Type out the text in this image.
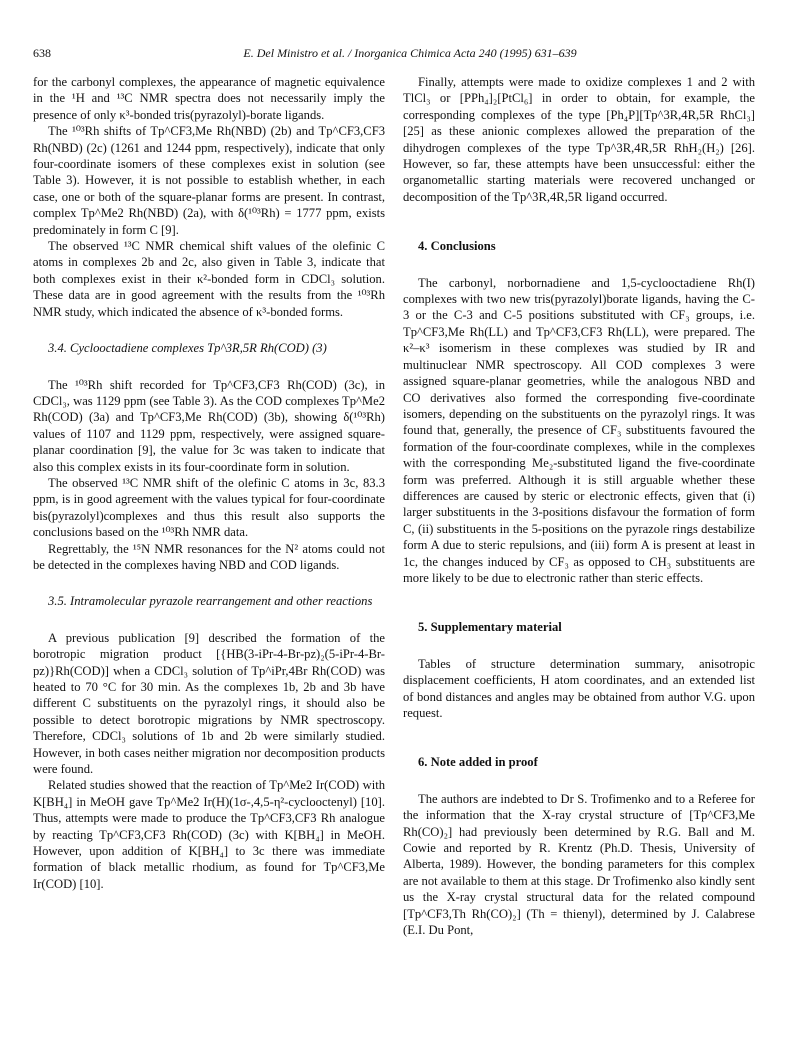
638	E. Del Ministro et al. / Inorganica Chimica Acta 240 (1995) 631–639

for the carbonyl complexes, the appearance of magnetic equivalence in the ¹H and ¹³C NMR spectra does not necessarily imply the presence of only κ³-bonded tris(pyrazolyl)-borate ligands.

The ¹⁰³Rh shifts of Tp^CF3,Me Rh(NBD) (2b) and Tp^CF3,CF3 Rh(NBD) (2c) (1261 and 1244 ppm, respectively), indicate that only four-coordinate isomers of these complexes exist in solution (see Table 3). However, it is not possible to establish whether, in each case, one or both of the square-planar forms are present. In contrast, complex Tp^Me2 Rh(NBD) (2a), with δ(¹⁰³Rh) = 1777 ppm, exists predominately in form C [9].

The observed ¹³C NMR chemical shift values of the olefinic C atoms in complexes 2b and 2c, also given in Table 3, indicate that both complexes exist in their κ²-bonded form in CDCl₃ solution. These data are in good agreement with the results from the ¹⁰³Rh NMR study, which indicated the absence of κ³-bonded forms.

3.4. Cyclooctadiene complexes Tp^3R,5R Rh(COD) (3)

The ¹⁰³Rh shift recorded for Tp^CF3,CF3 Rh(COD) (3c), in CDCl₃, was 1129 ppm (see Table 3). As the COD complexes Tp^Me2 Rh(COD) (3a) and Tp^CF3,Me Rh(COD) (3b), showing δ(¹⁰³Rh) values of 1107 and 1129 ppm, respectively, were assigned square-planar coordination [9], the value for 3c was taken to indicate that also this complex exists in its four-coordinate form in solution.

The observed ¹³C NMR shift of the olefinic C atoms in 3c, 83.3 ppm, is in good agreement with the values typical for four-coordinate bis(pyrazolyl)complexes and thus this result also supports the conclusions based on the ¹⁰³Rh NMR data.

Regrettably, the ¹⁵N NMR resonances for the N² atoms could not be detected in the complexes having NBD and COD ligands.

3.5. Intramolecular pyrazole rearrangement and other reactions

A previous publication [9] described the formation of the borotropic migration product [{HB(3-iPr-4-Br-pz)₂(5-iPr-4-Br-pz)}Rh(COD)] when a CDCl₃ solution of Tp^iPr,4Br Rh(COD) was heated to 70 °C for 30 min. As the complexes 1b, 2b and 3b have different C substituents on the pyrazolyl rings, it should also be possible to detect borotropic migrations by NMR spectroscopy. Therefore, CDCl₃ solutions of 1b and 2b were similarly studied. However, in both cases neither migration nor decomposition products were found.

Related studies showed that the reaction of Tp^Me2 Ir(COD) with K[BH₄] in MeOH gave Tp^Me2 Ir(H)(1σ-,4,5-η²-cyclooctenyl) [10]. Thus, attempts were made to produce the Tp^CF3,CF3 Rh analogue by reacting Tp^CF3,CF3 Rh(COD) (3c) with K[BH₄] in MeOH. However, upon addition of K[BH₄] to 3c there was immediate formation of black metallic rhodium, as found for Tp^CF3,Me Ir(COD) [10].

Finally, attempts were made to oxidize complexes 1 and 2 with TlCl₃ or [PPh₄]₂[PtCl₆] in order to obtain, for example, the corresponding complexes of the type [Ph₄P][Tp^3R,4R,5R RhCl₃] [25] as these anionic complexes allowed the preparation of the dihydrogen complexes of the type Tp^3R,4R,5R RhH₂(H₂) [26]. However, so far, these attempts have been unsuccessful: either the organometallic starting materials were recovered unchanged or decomposition of the Tp^3R,4R,5R ligand occurred.

4. Conclusions

The carbonyl, norbornadiene and 1,5-cyclooctadiene Rh(I) complexes with two new tris(pyrazolyl)borate ligands, having the C-3 or the C-3 and C-5 positions substituted with CF₃ groups, i.e. Tp^CF3,Me Rh(LL) and Tp^CF3,CF3 Rh(LL), were prepared. The κ²–κ³ isomerism in these complexes was studied by IR and multinuclear NMR spectroscopy. All COD complexes 3 were assigned square-planar geometries, while the analogous NBD and CO derivatives also formed the corresponding five-coordinate isomers, depending on the substituents on the pyrazolyl rings. It was found that, generally, the presence of CF₃ substituents favoured the formation of the four-coordinate complexes, while in the complexes with the corresponding Me₂-substituted ligand the five-coordinate form was preferred. Although it is still arguable whether these differences are caused by steric or electronic effects, given that (i) larger substituents in the 3-positions disfavour the formation of form C, (ii) substituents in the 5-positions on the pyrazole rings destabilize form A due to steric repulsions, and (iii) form A is present at least in 1c, the changes induced by CF₃ as opposed to CH₃ substituents are more likely to be due to electronic rather than steric effects.

5. Supplementary material

Tables of structure determination summary, anisotropic displacement coefficients, H atom coordinates, and an extended list of bond distances and angles may be obtained from author V.G. upon request.

6. Note added in proof

The authors are indebted to Dr S. Trofimenko and to a Referee for the information that the X-ray crystal structure of [Tp^CF3,Me Rh(CO)₂] had previously been determined by R.G. Ball and M. Cowie and reported by R. Krentz (Ph.D. Thesis, University of Alberta, 1989). However, the bonding parameters for this complex are not available to them at this stage. Dr Trofimenko also kindly sent us the X-ray crystal structural data for the related compound [Tp^CF3,Th Rh(CO)₂] (Th = thienyl), determined by J. Calabrese (E.I. Du Pont,
